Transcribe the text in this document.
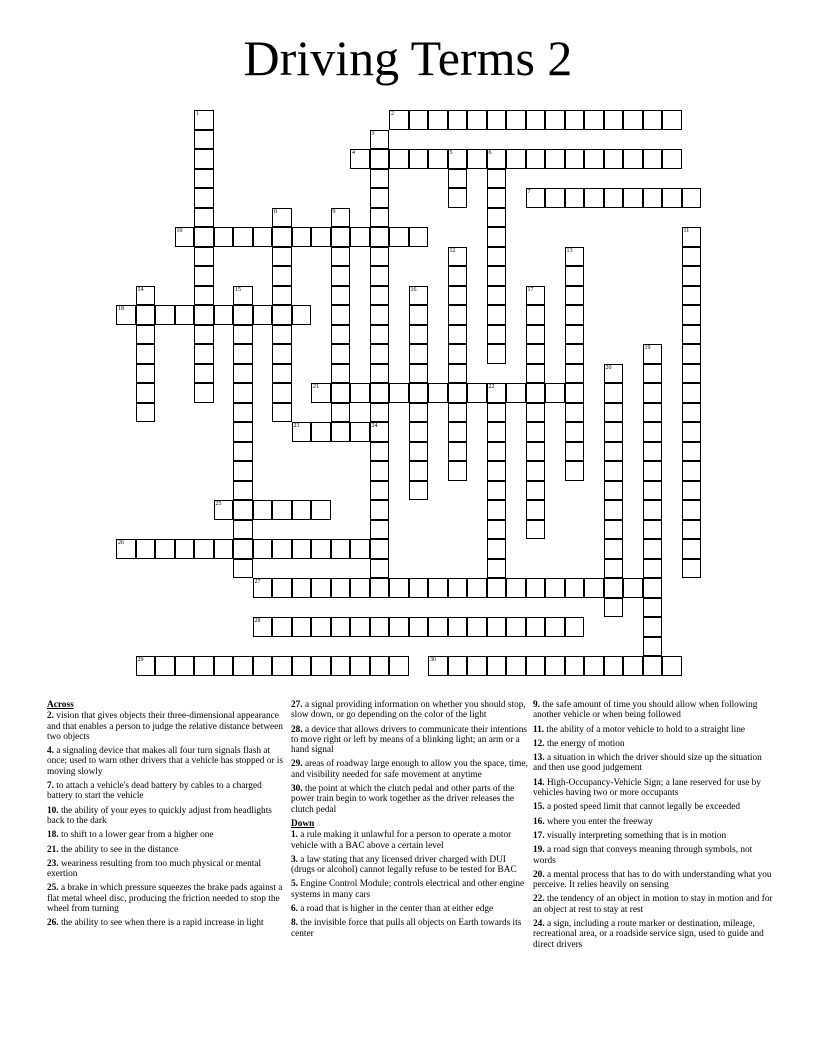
Driving Terms 2
2
4	5	6
7
10
18
21	22
23
25
26
27
28
29	30
1
3
24
8	9
11
12	13
14	15	16	17
19
20
Across
2. vision that gives objects their three-dimensional appearance and that enables a person to judge the relative distance between two objects
4. a signaling device that makes all four turn signals flash at once; used to warn other drivers that a vehicle has stopped or is moving slowly
7. to attach a vehicle's dead battery by cables to a charged battery to start the vehicle
10. the ability of your eyes to quickly adjust from headlights back to the dark
18. to shift to a lower gear from a higher one
21. the ability to see in the distance
23. weariness resulting from too much physical or mental exertion
25. a brake in which pressure squeezes the brake pads against a flat metal wheel disc, producing the friction needed to stop the wheel from turning
26. the ability to see when there is a rapid increase in light
27. a signal providing information on whether you should stop, slow down, or go depending on the color of the light
28. a device that allows drivers to communicate their intentions to move right or left by means of a blinking light; an arm or a hand signal
29. areas of roadway large enough to allow you the space, time, and visibility needed for safe movement at anytime
30. the point at which the clutch pedal and other parts of the power train begin to work together as the driver releases the clutch pedal
Down
1. a rule making it unlawful for a person to operate a motor vehicle with a BAC above a certain level
3. a law stating that any licensed driver charged with DUI (drugs or alcohol) cannot legally refuse to be tested for BAC
5. Engine Control Module; controls electrical and other engine systems in many cars
6. a road that is higher in the center than at either edge
8. the invisible force that pulls all objects on Earth towards its center
9. the safe amount of time you should allow when following another vehicle or when being followed
11. the ability of a motor vehicle to hold to a straight line
12. the energy of motion
13. a situation in which the driver should size up the situation and then use good judgement
14. High-Occupancy-Vehicle Sign; a lane reserved for use by vehicles having two or more occupants
15. a posted speed limit that cannot legally be exceeded
16. where you enter the freeway
17. visually interpreting something that is in motion
19. a road sign that conveys meaning through symbols, not words
20. a mental process that has to do with understanding what you perceive. It relies heavily on sensing
22. the tendency of an object in motion to stay in motion and for an object at rest to stay at rest
24. a sign, including a route marker or destination, mileage, recreational area, or a roadside service sign, used to guide and direct drivers
